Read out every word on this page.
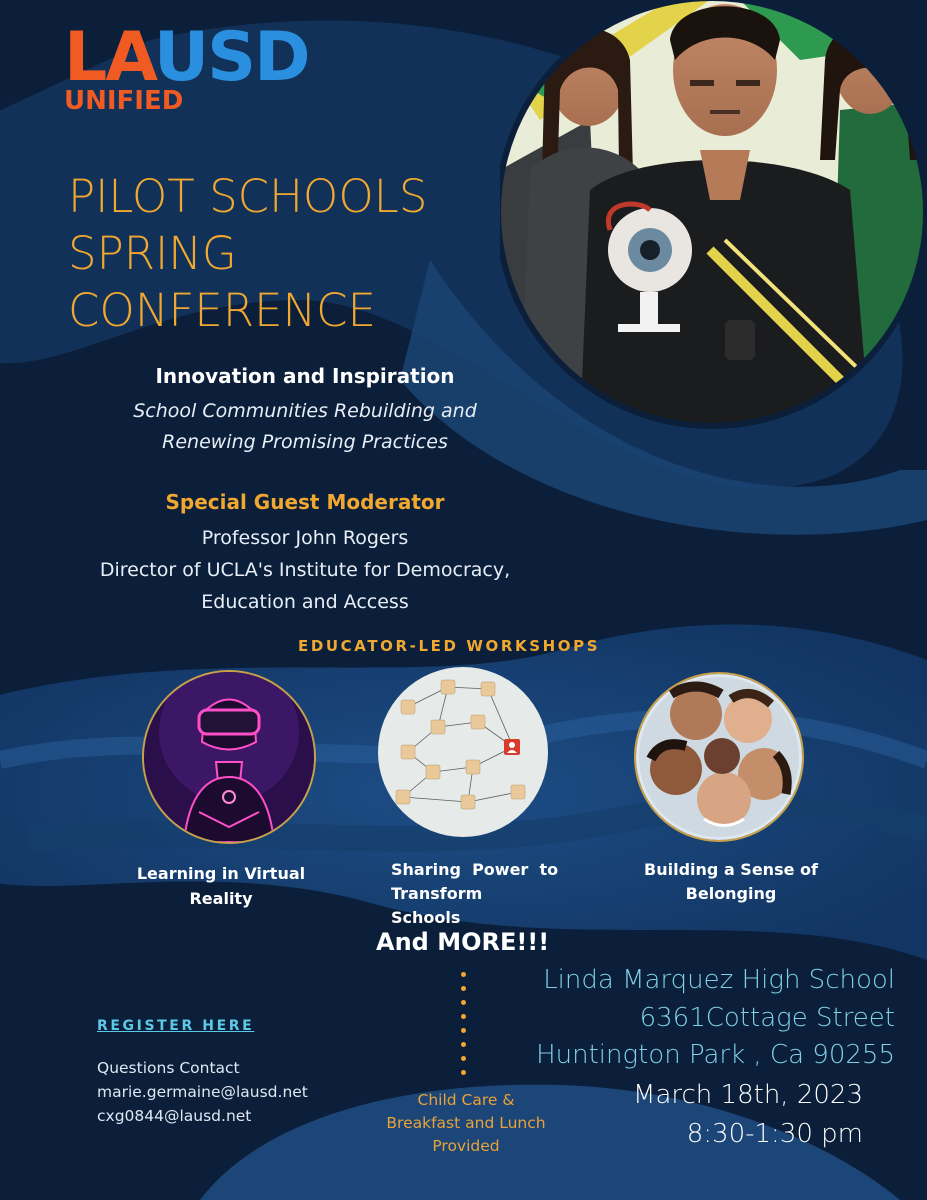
LAUSD
UNIFIED
PILOT SCHOOLS
SPRING
CONFERENCE
Innovation and Inspiration
School Communities Rebuilding and
Renewing Promising Practices
Special Guest Moderator
Professor John Rogers
Director of UCLA's Institute for Democracy,
Education and Access
EDUCATOR-LED WORKSHOPS
Learning in Virtual
Reality
Sharing  Power  to
Transform
Schools
Building a Sense of
Belonging
And MORE!!!
REGISTER HERE
Questions Contact
marie.germaine@lausd.net
cxg0844@lausd.net
Child Care &
Breakfast and Lunch
Provided
Linda Marquez High School
6361Cottage Street
Huntington Park , Ca 90255
March 18th, 2023
8:30-1:30 pm
